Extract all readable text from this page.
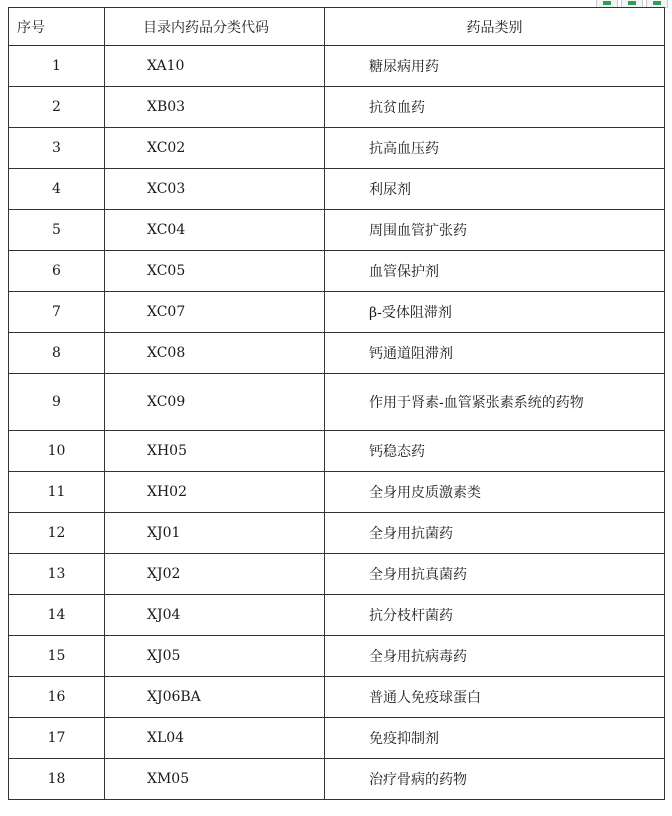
序号	目录内药品分类代码	药品类别
1	XA10	糖尿病用药
2	XB03	抗贫血药
3	XC02	抗高血压药
4	XC03	利尿剂
5	XC04	周围血管扩张药
6	XC05	血管保护剂
7	XC07	β-受体阻滞剂
8	XC08	钙通道阻滞剂
9	XC09	作用于肾素-血管紧张素系统的药物
10	XH05	钙稳态药
11	XH02	全身用皮质激素类
12	XJ01	全身用抗菌药
13	XJ02	全身用抗真菌药
14	XJ04	抗分枝杆菌药
15	XJ05	全身用抗病毒药
16	XJ06BA	普通人免疫球蛋白
17	XL04	免疫抑制剂
18	XM05	治疗骨病的药物
